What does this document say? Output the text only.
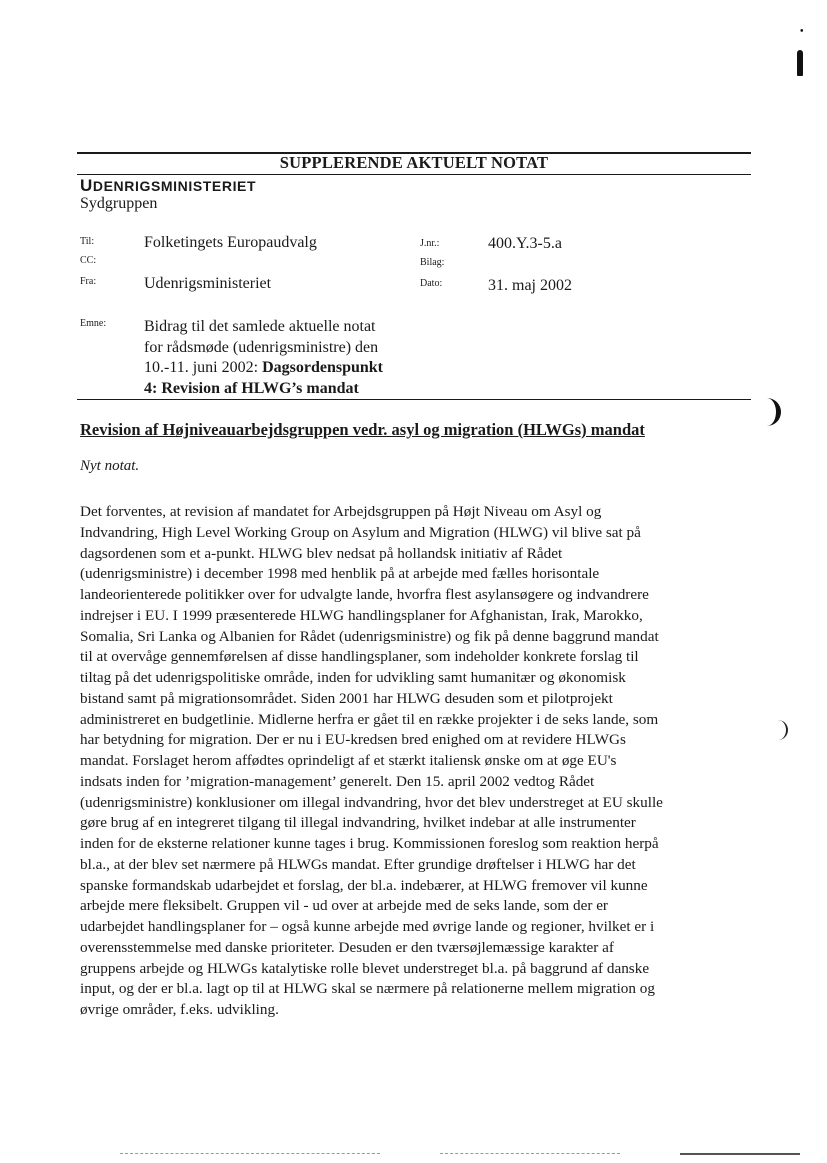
•
SUPPLERENDE AKTUELT NOTAT
UDENRIGSMINISTERIET
Sydgruppen
Til:	Folketingets Europaudvalg
CC:
Fra:	Udenrigsministeriet
J.nr.:	400.Y.3-5.a
Bilag:
Dato:	31. maj 2002
Emne: Bidrag til det samlede aktuelle notat
for rådsmøde (udenrigsministre) den
10.-11. juni 2002: Dagsordenspunkt
4: Revision af HLWG’s mandat
Revision af Højniveauarbejdsgruppen vedr. asyl og migration (HLWGs) mandat
Nyt notat.
Det forventes, at revision af mandatet for Arbejdsgruppen på Højt Niveau om Asyl og
Indvandring, High Level Working Group on Asylum and Migration (HLWG) vil blive sat på
dagsordenen som et a-punkt. HLWG blev nedsat på hollandsk initiativ af Rådet
(udenrigsministre) i december 1998 med henblik på at arbejde med fælles horisontale
landeorienterede politikker over for udvalgte lande, hvorfra flest asylansøgere og indvandrere
indrejser i EU. I 1999 præsenterede HLWG handlingsplaner for Afghanistan, Irak, Marokko,
Somalia, Sri Lanka og Albanien for Rådet (udenrigsministre) og fik på denne baggrund mandat
til at overvåge gennemførelsen af disse handlingsplaner, som indeholder konkrete forslag til
tiltag på det udenrigspolitiske område, inden for udvikling samt humanitær og økonomisk
bistand samt på migrationsområdet. Siden 2001 har HLWG desuden som et pilotprojekt
administreret en budgetlinie. Midlerne herfra er gået til en række projekter i de seks lande, som
har betydning for migration. Der er nu i EU-kredsen bred enighed om at revidere HLWGs
mandat. Forslaget herom affødtes oprindeligt af et stærkt italiensk ønske om at øge EU's
indsats inden for ’migration-management’ generelt. Den 15. april 2002 vedtog Rådet
(udenrigsministre) konklusioner om illegal indvandring, hvor det blev understreget at EU skulle
gøre brug af en integreret tilgang til illegal indvandring, hvilket indebar at alle instrumenter
inden for de eksterne relationer kunne tages i brug. Kommissionen foreslog som reaktion herpå
bl.a., at der blev set nærmere på HLWGs mandat. Efter grundige drøftelser i HLWG har det
spanske formandskab udarbejdet et forslag, der bl.a. indebærer, at HLWG fremover vil kunne
arbejde mere fleksibelt. Gruppen vil - ud over at arbejde med de seks lande, som der er
udarbejdet handlingsplaner for – også kunne arbejde med øvrige lande og regioner, hvilket er i
overensstemmelse med danske prioriteter. Desuden er den tværsøjlemæssige karakter af
gruppens arbejde og HLWGs katalytiske rolle blevet understreget bl.a. på baggrund af danske
input, og der er bl.a. lagt op til at HLWG skal se nærmere på relationerne mellem migration og
øvrige områder, f.eks. udvikling.
